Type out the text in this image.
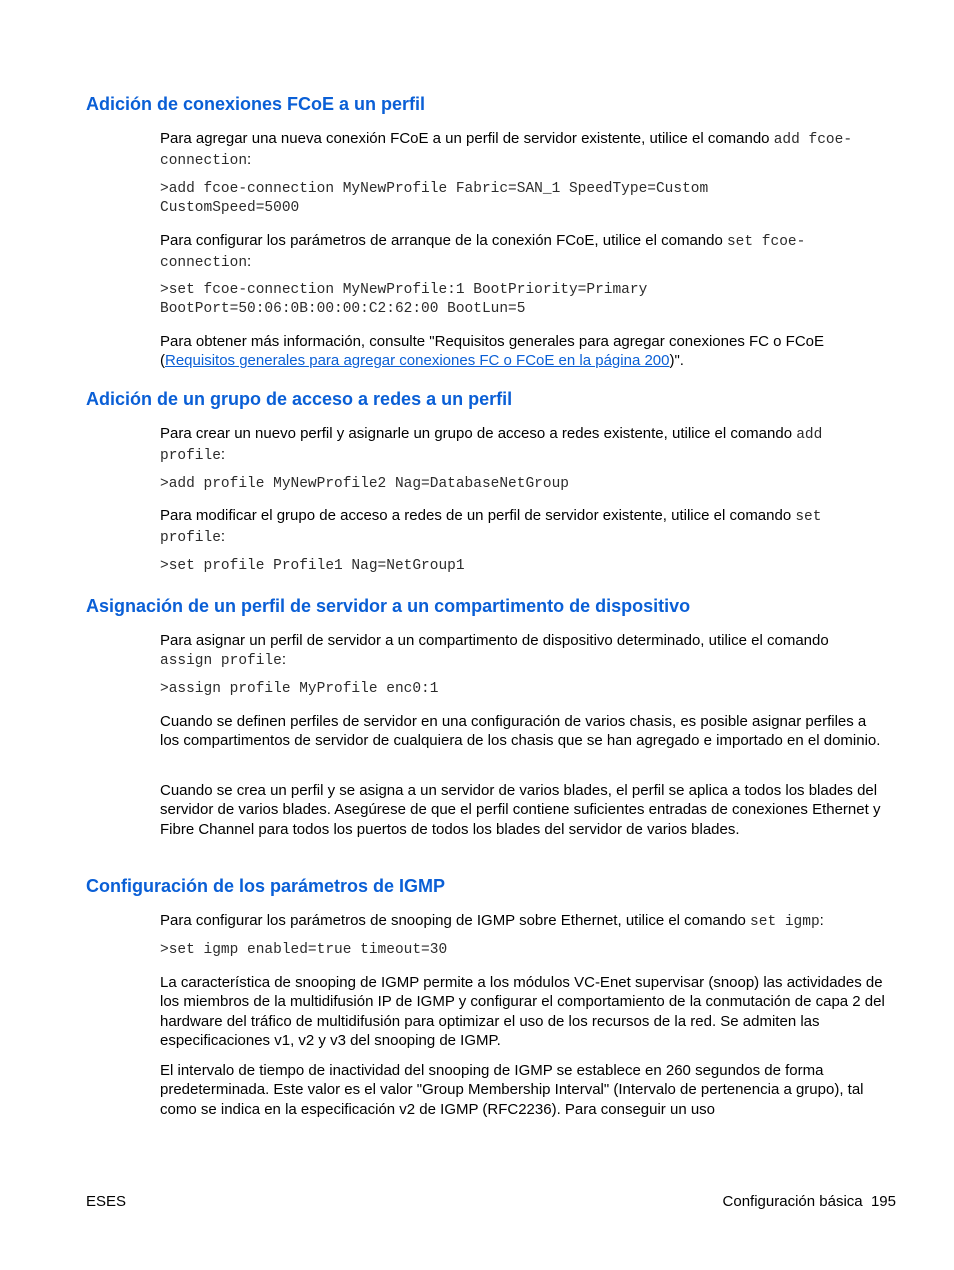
Adición de conexiones FCoE a un perfil

Para agregar una nueva conexión FCoE a un perfil de servidor existente, utilice el comando add fcoe-connection:

>add fcoe-connection MyNewProfile Fabric=SAN_1 SpeedType=Custom
CustomSpeed=5000

Para configurar los parámetros de arranque de la conexión FCoE, utilice el comando set fcoe-connection:

>set fcoe-connection MyNewProfile:1 BootPriority=Primary
BootPort=50:06:0B:00:00:C2:62:00 BootLun=5

Para obtener más información, consulte "Requisitos generales para agregar conexiones FC o FCoE (Requisitos generales para agregar conexiones FC o FCoE en la página 200)".

Adición de un grupo de acceso a redes a un perfil

Para crear un nuevo perfil y asignarle un grupo de acceso a redes existente, utilice el comando add profile:

>add profile MyNewProfile2 Nag=DatabaseNetGroup

Para modificar el grupo de acceso a redes de un perfil de servidor existente, utilice el comando set profile:

>set profile Profile1 Nag=NetGroup1
Asignación de un perfil de servidor a un compartimento de dispositivo

Para asignar un perfil de servidor a un compartimento de dispositivo determinado, utilice el comando assign profile:

>assign profile MyProfile enc0:1

Cuando se definen perfiles de servidor en una configuración de varios chasis, es posible asignar perfiles a los compartimentos de servidor de cualquiera de los chasis que se han agregado e importado en el dominio.

Cuando se crea un perfil y se asigna a un servidor de varios blades, el perfil se aplica a todos los blades del servidor de varios blades. Asegúrese de que el perfil contiene suficientes entradas de conexiones Ethernet y Fibre Channel para todos los puertos de todos los blades del servidor de varios blades.

Configuración de los parámetros de IGMP

Para configurar los parámetros de snooping de IGMP sobre Ethernet, utilice el comando set igmp:

>set igmp enabled=true timeout=30

La característica de snooping de IGMP permite a los módulos VC-Enet supervisar (snoop) las actividades de los miembros de la multidifusión IP de IGMP y configurar el comportamiento de la conmutación de capa 2 del hardware del tráfico de multidifusión para optimizar el uso de los recursos de la red. Se admiten las especificaciones v1, v2 y v3 del snooping de IGMP.

El intervalo de tiempo de inactividad del snooping de IGMP se establece en 260 segundos de forma predeterminada. Este valor es el valor "Group Membership Interval" (Intervalo de pertenencia a grupo), tal como se indica en la especificación v2 de IGMP (RFC2236). Para conseguir un uso

ESES	Configuración básica 195
